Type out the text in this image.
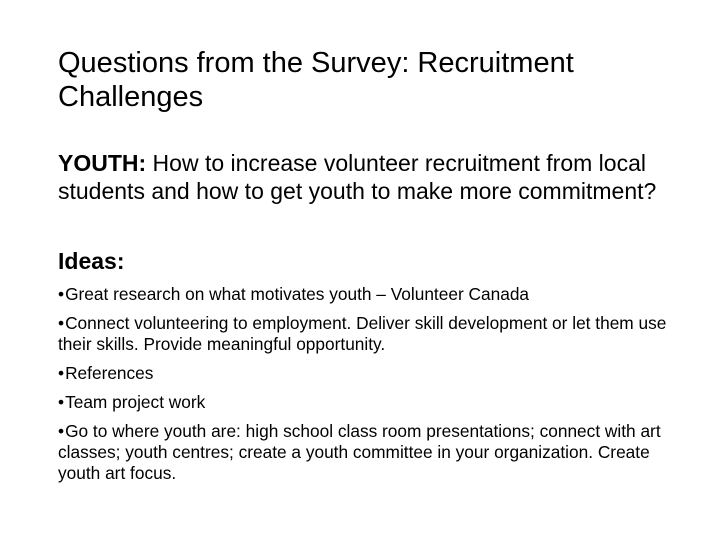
Questions from the Survey: Recruitment
Challenges

YOUTH: How to increase volunteer recruitment from local students and how to get youth to make more commitment?

Ideas:

•Great research on what motivates youth – Volunteer Canada
•Connect volunteering to employment. Deliver skill development or let them use their skills. Provide meaningful opportunity.
•References
•Team project work
•Go to where youth are: high school class room presentations; connect with art classes; youth centres; create a youth committee in your organization. Create youth art focus.
